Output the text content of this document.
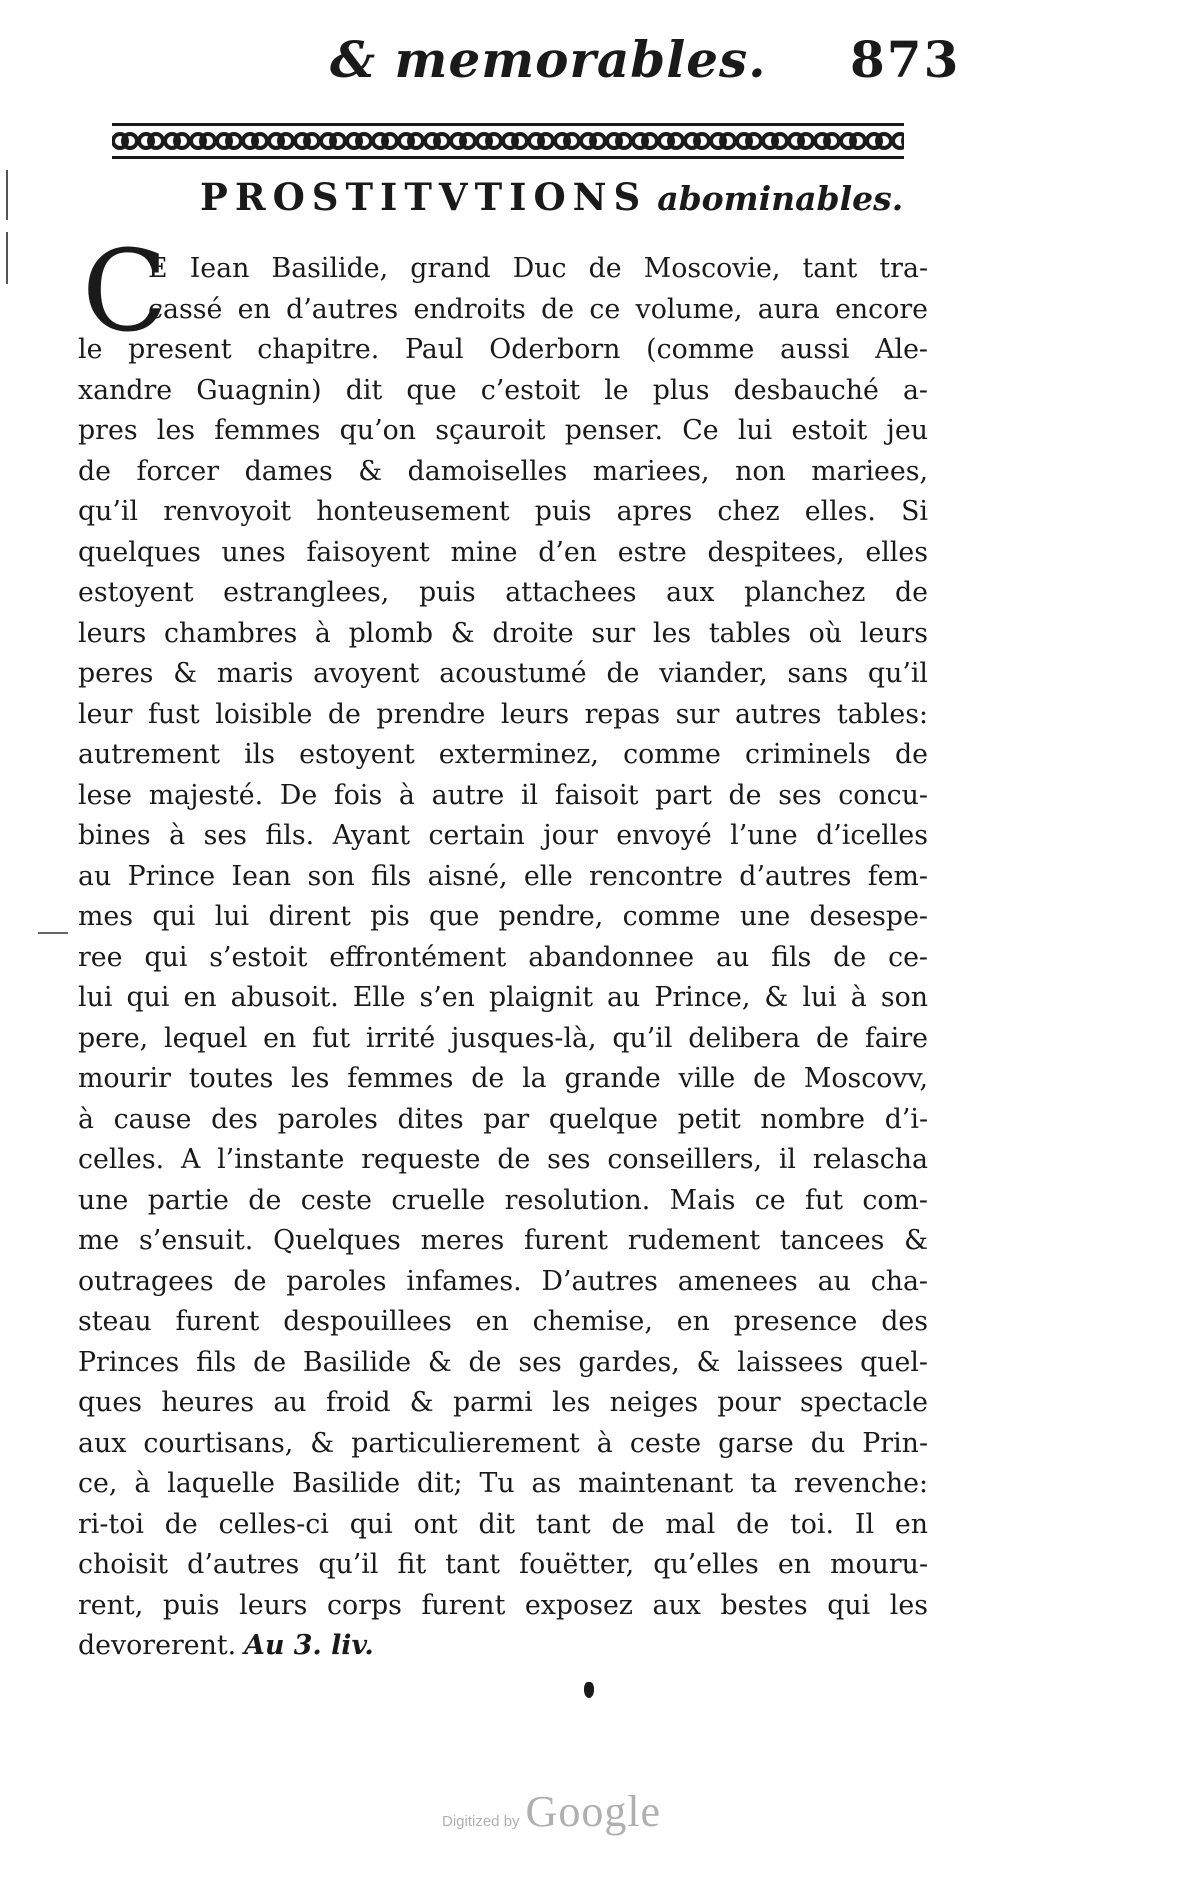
& memorables. 873
PROSTITVTIONS abominables.
C
E Iean Basilide, grand Duc de Moscovie, tant tra-
cassé en d’autres endroits de ce volume, aura encore
le present chapitre. Paul Oderborn (comme aussi Ale-
xandre Guagnin) dit que c’estoit le plus desbauché a-
pres les femmes qu’on sçauroit penser. Ce lui estoit jeu
de forcer dames & damoiselles mariees, non mariees,
qu’il renvoyoit honteusement puis apres chez elles. Si
quelques unes faisoyent mine d’en estre despitees, elles
estoyent estranglees, puis attachees aux planchez de
leurs chambres à plomb & droite sur les tables où leurs
peres & maris avoyent acoustumé de viander, sans qu’il
leur fust loisible de prendre leurs repas sur autres tables:
autrement ils estoyent exterminez, comme criminels de
lese majesté. De fois à autre il faisoit part de ses concu-
bines à ses fils. Ayant certain jour envoyé l’une d’icelles
au Prince Iean son fils aisné, elle rencontre d’autres fem-
mes qui lui dirent pis que pendre, comme une desespe-
ree qui s’estoit effrontément abandonnee au fils de ce-
lui qui en abusoit. Elle s’en plaignit au Prince, & lui à son
pere, lequel en fut irrité jusques-là, qu’il delibera de faire
mourir toutes les femmes de la grande ville de Moscovv,
à cause des paroles dites par quelque petit nombre d’i-
celles. A l’instante requeste de ses conseillers, il relascha
une partie de ceste cruelle resolution. Mais ce fut com-
me s’ensuit. Quelques meres furent rudement tancees &
outragees de paroles infames. D’autres amenees au cha-
steau furent despouillees en chemise, en presence des
Princes fils de Basilide & de ses gardes, & laissees quel-
ques heures au froid & parmi les neiges pour spectacle
aux courtisans, & particulierement à ceste garse du Prin-
ce, à laquelle Basilide dit; Tu as maintenant ta revenche:
ri-toi de celles-ci qui ont dit tant de mal de toi. Il en
choisit d’autres qu’il fit tant fouëtter, qu’elles en mouru-
rent, puis leurs corps furent exposez aux bestes qui les
devorerent. Au 3. liv.
Digitized by Google
